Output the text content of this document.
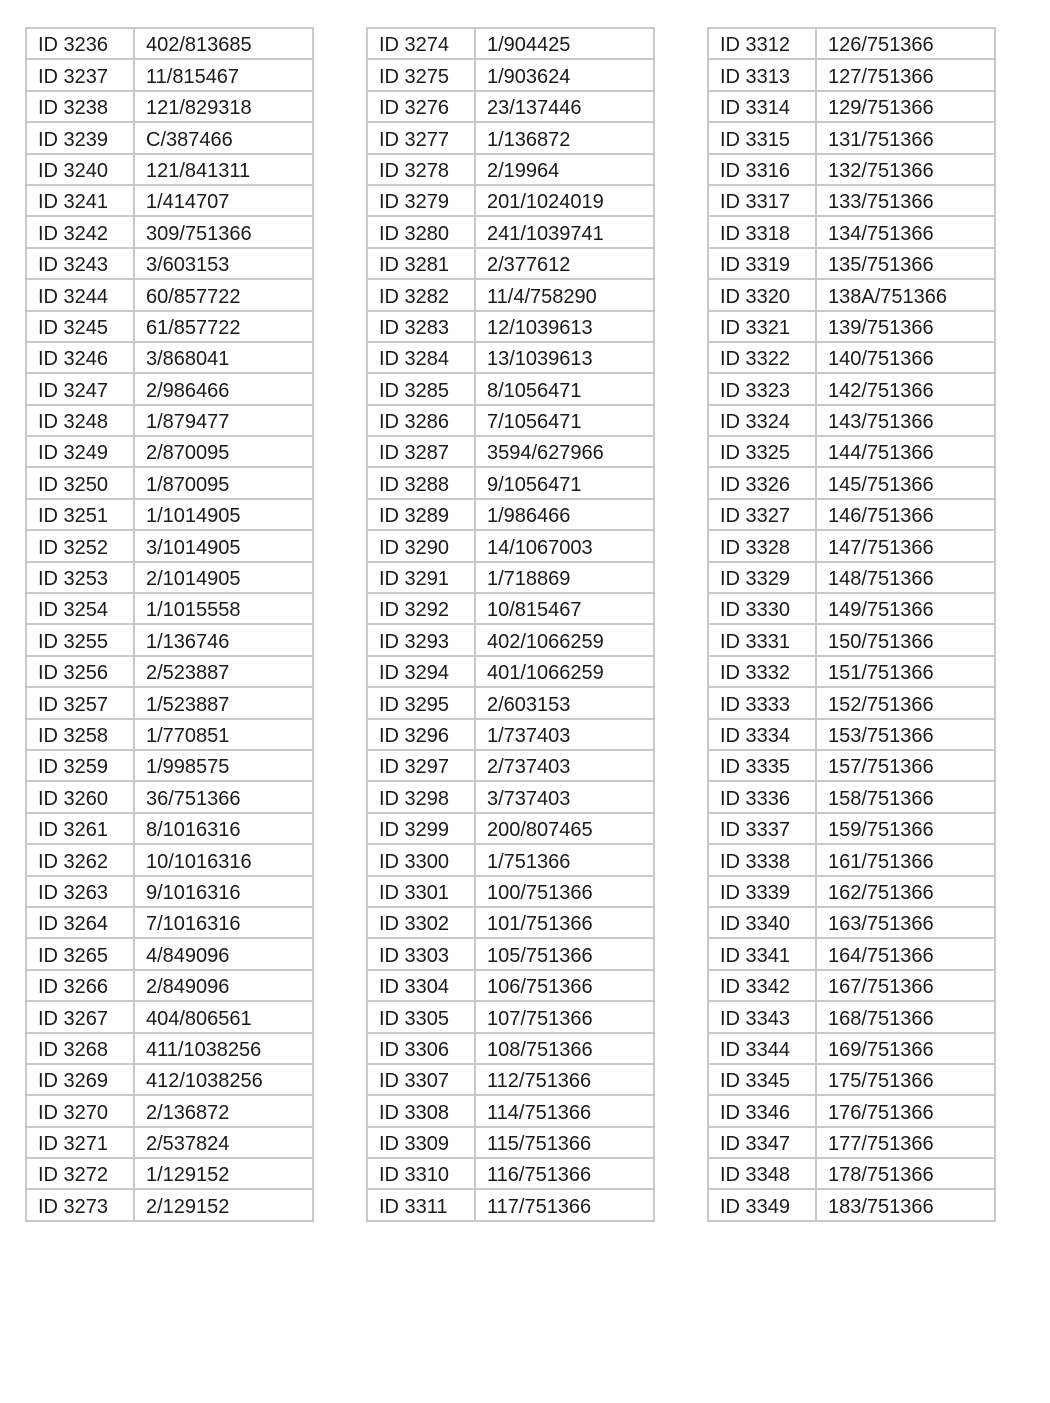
ID 3236	402/813685
ID 3237	11/815467
ID 3238	121/829318
ID 3239	C/387466
ID 3240	121/841311
ID 3241	1/414707
ID 3242	309/751366
ID 3243	3/603153
ID 3244	60/857722
ID 3245	61/857722
ID 3246	3/868041
ID 3247	2/986466
ID 3248	1/879477
ID 3249	2/870095
ID 3250	1/870095
ID 3251	1/1014905
ID 3252	3/1014905
ID 3253	2/1014905
ID 3254	1/1015558
ID 3255	1/136746
ID 3256	2/523887
ID 3257	1/523887
ID 3258	1/770851
ID 3259	1/998575
ID 3260	36/751366
ID 3261	8/1016316
ID 3262	10/1016316
ID 3263	9/1016316
ID 3264	7/1016316
ID 3265	4/849096
ID 3266	2/849096
ID 3267	404/806561
ID 3268	411/1038256
ID 3269	412/1038256
ID 3270	2/136872
ID 3271	2/537824
ID 3272	1/129152
ID 3273	2/129152
ID 3274	1/904425
ID 3275	1/903624
ID 3276	23/137446
ID 3277	1/136872
ID 3278	2/19964
ID 3279	201/1024019
ID 3280	241/1039741
ID 3281	2/377612
ID 3282	11/4/758290
ID 3283	12/1039613
ID 3284	13/1039613
ID 3285	8/1056471
ID 3286	7/1056471
ID 3287	3594/627966
ID 3288	9/1056471
ID 3289	1/986466
ID 3290	14/1067003
ID 3291	1/718869
ID 3292	10/815467
ID 3293	402/1066259
ID 3294	401/1066259
ID 3295	2/603153
ID 3296	1/737403
ID 3297	2/737403
ID 3298	3/737403
ID 3299	200/807465
ID 3300	1/751366
ID 3301	100/751366
ID 3302	101/751366
ID 3303	105/751366
ID 3304	106/751366
ID 3305	107/751366
ID 3306	108/751366
ID 3307	112/751366
ID 3308	114/751366
ID 3309	115/751366
ID 3310	116/751366
ID 3311	117/751366
ID 3312	126/751366
ID 3313	127/751366
ID 3314	129/751366
ID 3315	131/751366
ID 3316	132/751366
ID 3317	133/751366
ID 3318	134/751366
ID 3319	135/751366
ID 3320	138A/751366
ID 3321	139/751366
ID 3322	140/751366
ID 3323	142/751366
ID 3324	143/751366
ID 3325	144/751366
ID 3326	145/751366
ID 3327	146/751366
ID 3328	147/751366
ID 3329	148/751366
ID 3330	149/751366
ID 3331	150/751366
ID 3332	151/751366
ID 3333	152/751366
ID 3334	153/751366
ID 3335	157/751366
ID 3336	158/751366
ID 3337	159/751366
ID 3338	161/751366
ID 3339	162/751366
ID 3340	163/751366
ID 3341	164/751366
ID 3342	167/751366
ID 3343	168/751366
ID 3344	169/751366
ID 3345	175/751366
ID 3346	176/751366
ID 3347	177/751366
ID 3348	178/751366
ID 3349	183/751366
